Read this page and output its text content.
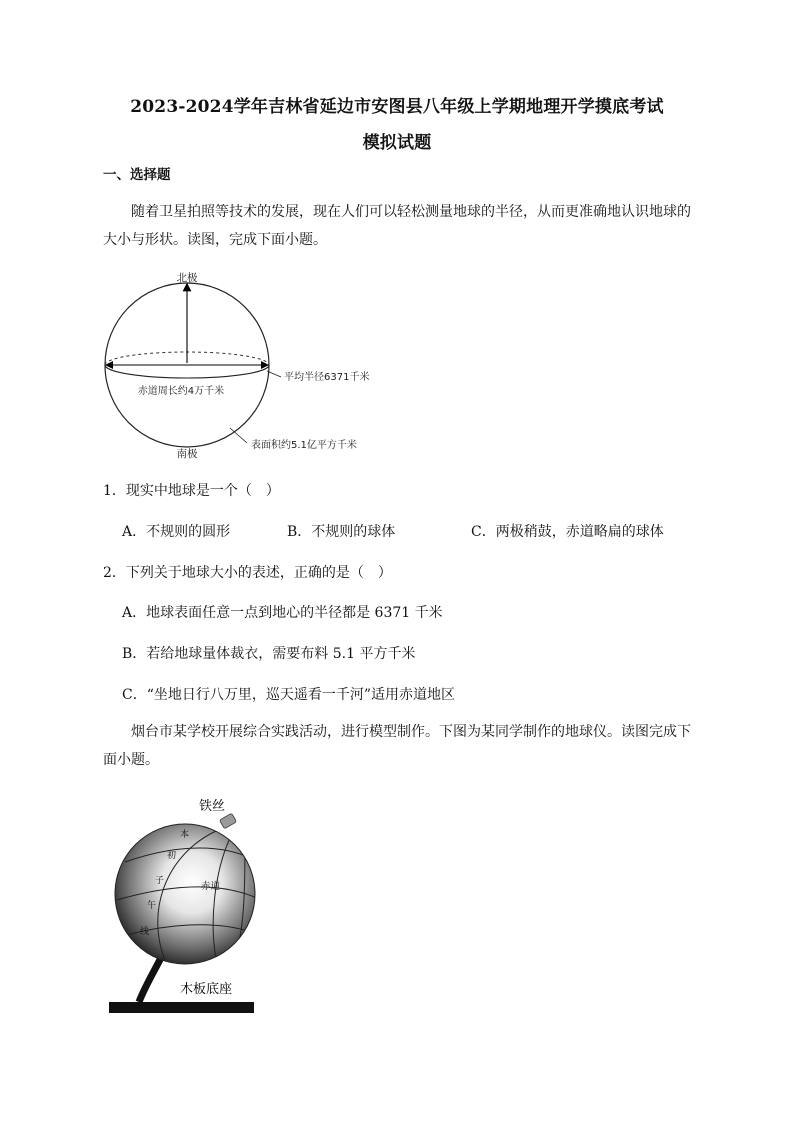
2023-2024学年吉林省延边市安图县八年级上学期地理开学摸底考试
模拟试题
一、选择题
随着卫星拍照等技术的发展，现在人们可以轻松测量地球的半径，从而更准确地认识地球的大小与形状。读图，完成下面小题。
北极
赤道周长约4万千米
平均半径6371千米
表面积约5.1亿平方千米
南极
1．现实中地球是一个（　）
A．不规则的圆形	B．不规则的球体	C．两极稍鼓，赤道略扁的球体
2．下列关于地球大小的表述，正确的是（　）
A．地球表面任意一点到地心的半径都是 6371 千米
B．若给地球量体裁衣，需要布料 5.1 平方千米
C．“坐地日行八万里，巡天遥看一千河”适用赤道地区
烟台市某学校开展综合实践活动，进行模型制作。下图为某同学制作的地球仪。读图完成下面小题。
铁丝
本
初
子
午
线
赤道
木板底座
